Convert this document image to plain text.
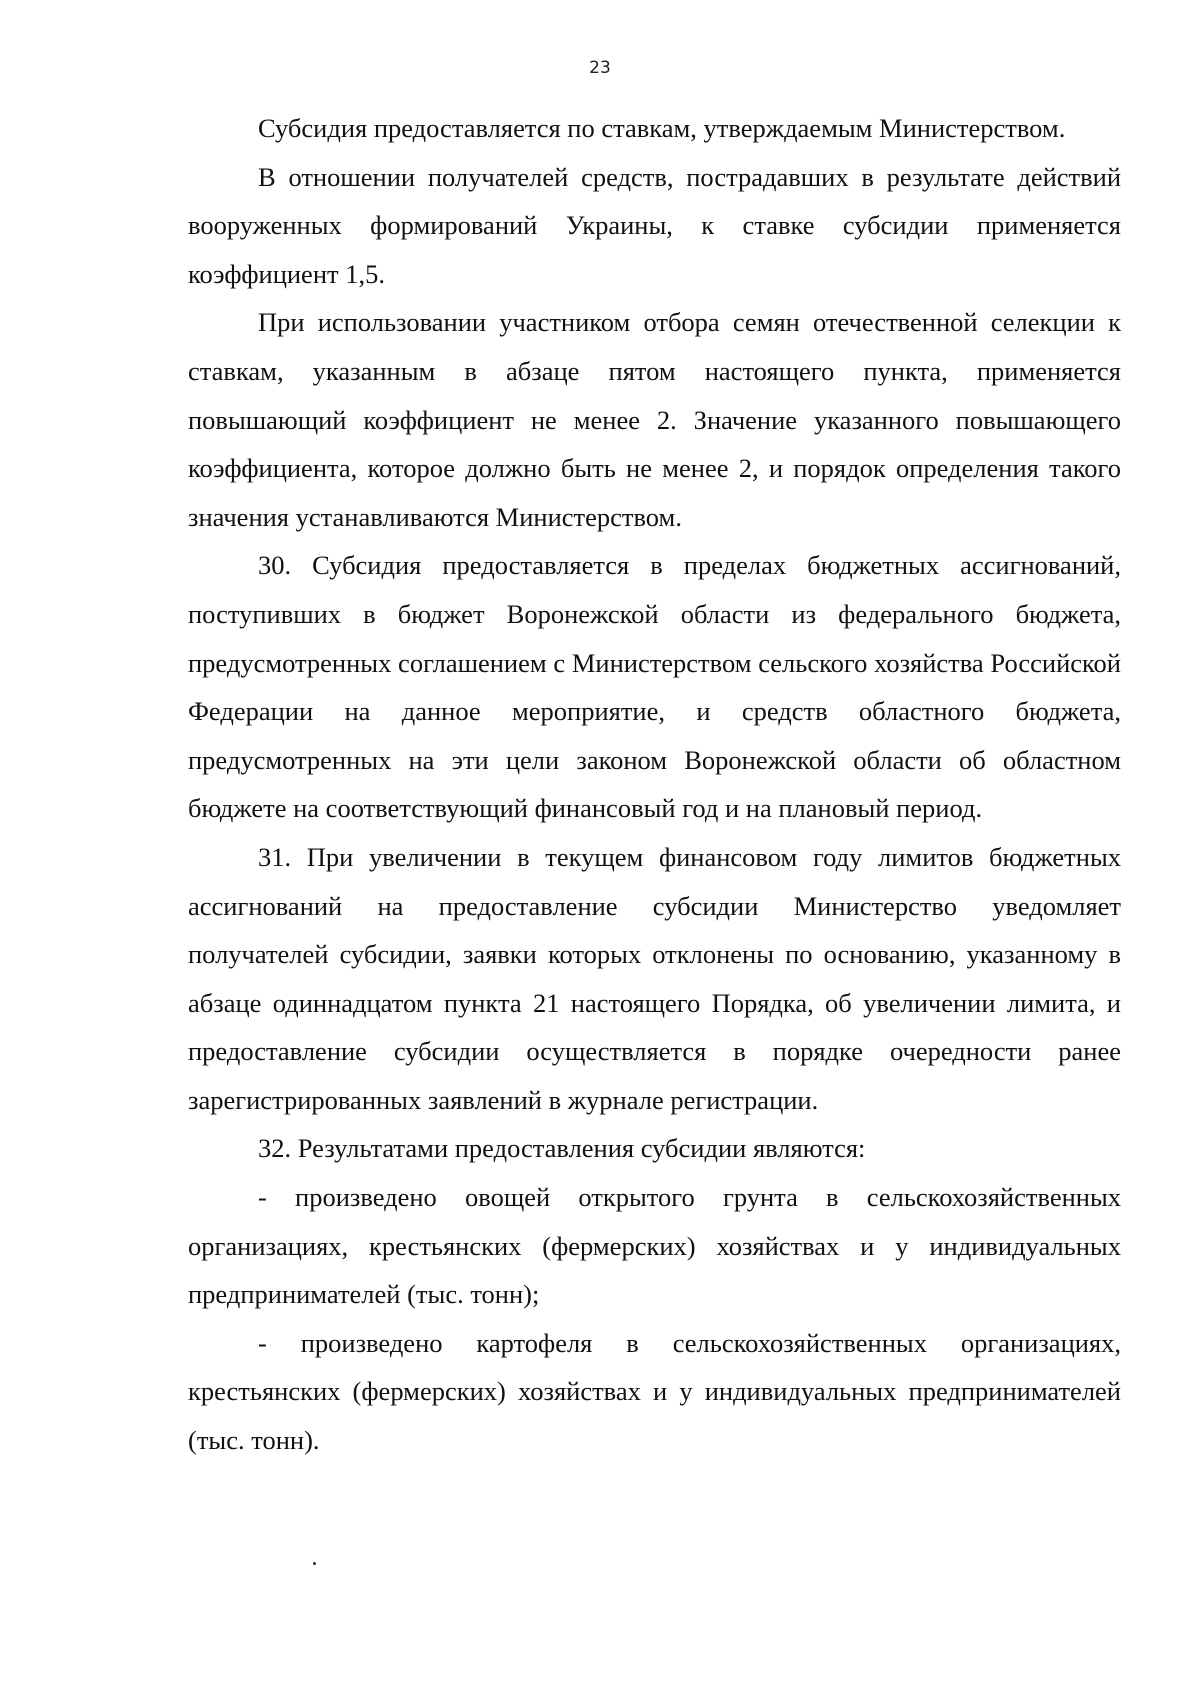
23

Субсидия предоставляется по ставкам, утверждаемым Министерством.

В отношении получателей средств, пострадавших в результате действий вооруженных формирований Украины, к ставке субсидии применяется коэффициент 1,5.

При использовании участником отбора семян отечественной селекции к ставкам, указанным в абзаце пятом настоящего пункта, применяется повышающий коэффициент не менее 2. Значение указанного повышающего коэффициента, которое должно быть не менее 2, и порядок определения такого значения устанавливаются Министерством.

30. Субсидия предоставляется в пределах бюджетных ассигнований, поступивших в бюджет Воронежской области из федерального бюджета, предусмотренных соглашением с Министерством сельского хозяйства Российской Федерации на данное мероприятие, и средств областного бюджета, предусмотренных на эти цели законом Воронежской области об областном бюджете на соответствующий финансовый год и на плановый период.

31. При увеличении в текущем финансовом году лимитов бюджетных ассигнований на предоставление субсидии Министерство уведомляет получателей субсидии, заявки которых отклонены по основанию, указанному в абзаце одиннадцатом пункта 21 настоящего Порядка, об увеличении лимита, и предоставление субсидии осуществляется в порядке очередности ранее зарегистрированных заявлений в журнале регистрации.

32. Результатами предоставления субсидии являются:

- произведено овощей открытого грунта в сельскохозяйственных организациях, крестьянских (фермерских) хозяйствах и у индивидуальных предпринимателей (тыс. тонн);

- произведено картофеля в сельскохозяйственных организациях, крестьянских (фермерских) хозяйствах и у индивидуальных предпринимателей (тыс. тонн).
